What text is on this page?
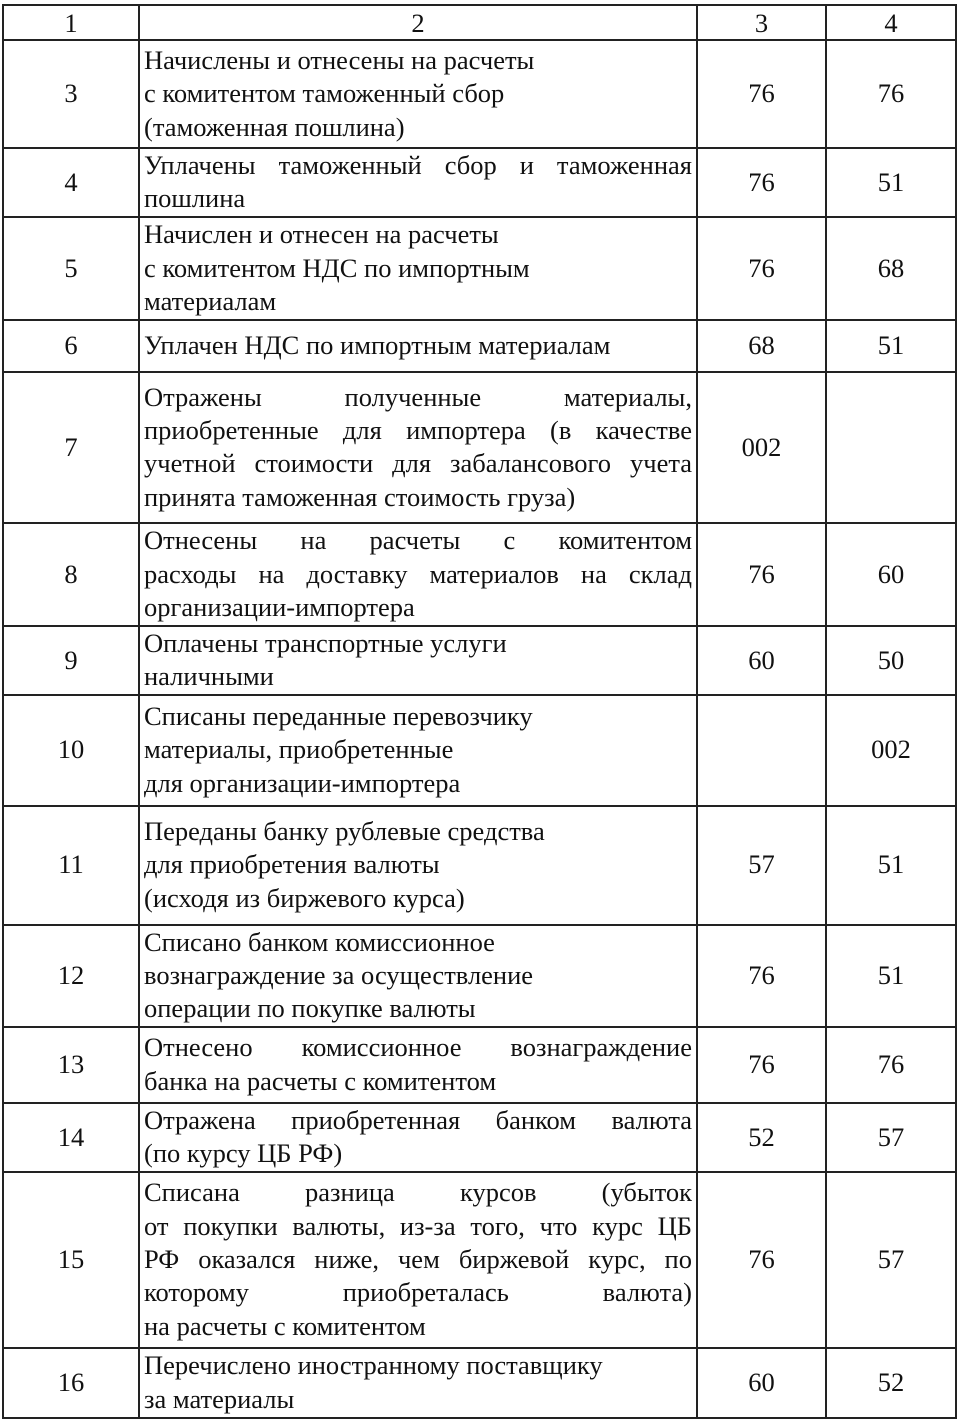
1	2	3	4
3	Начислены и отнесены на расчеты
с комитентом таможенный сбор
(таможенная пошлина)	76	76
4	Уплачены таможенный сбор и таможенная
пошлина	76	51
5	Начислен и отнесен на расчеты
с комитентом НДС по импортным
материалам	76	68
6	Уплачен НДС по импортным материалам	68	51
7	Отражены полученные материалы,
приобретенные для импортера (в качестве
учетной стоимости для забалансового учета
принята таможенная стоимость груза)	002	
8	Отнесены на расчеты с комитентом
расходы на доставку материалов на склад
организации-импортера	76	60
9	Оплачены транспортные услуги
наличными	60	50
10	Списаны переданные перевозчику
материалы, приобретенные
для организации-импортера		002
11	Переданы банку рублевые средства
для приобретения валюты
(исходя из биржевого курса)	57	51
12	Списано банком комиссионное
вознаграждение за осуществление
операции по покупке валюты	76	51
13	Отнесено комиссионное вознаграждение
банка на расчеты с комитентом	76	76
14	Отражена приобретенная банком валюта
(по курсу ЦБ РФ)	52	57
15	Списана разница курсов (убыток
от покупки валюты, из-за того, что курс ЦБ
РФ оказался ниже, чем биржевой курс, по
которому приобреталась валюта)
на расчеты с комитентом	76	57
16	Перечислено иностранному поставщику
за материалы	60	52
